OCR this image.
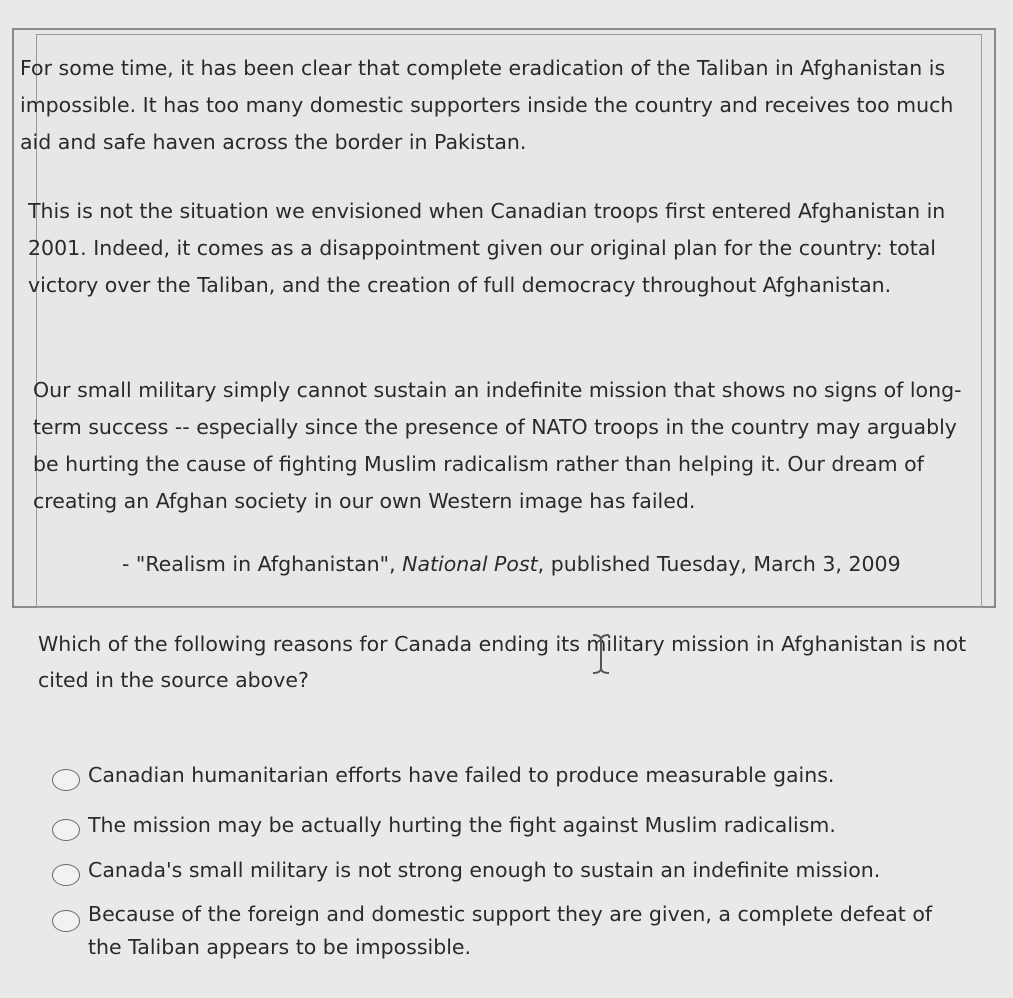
For some time, it has been clear that complete eradication of the Taliban in Afghanistan is impossible. It has too many domestic supporters inside the country and receives too much aid and safe haven across the border in Pakistan.

This is not the situation we envisioned when Canadian troops first entered Afghanistan in 2001. Indeed, it comes as a disappointment given our original plan for the country: total victory over the Taliban, and the creation of full democracy throughout Afghanistan.

Our small military simply cannot sustain an indefinite mission that shows no signs of long-term success -- especially since the presence of NATO troops in the country may arguably be hurting the cause of fighting Muslim radicalism rather than helping it. Our dream of creating an Afghan society in our own Western image has failed.

- "Realism in Afghanistan", National Post, published Tuesday, March 3, 2009

Which of the following reasons for Canada ending its military mission in Afghanistan is not cited in the source above?

Canadian humanitarian efforts have failed to produce measurable gains.
The mission may be actually hurting the fight against Muslim radicalism.
Canada's small military is not strong enough to sustain an indefinite mission.
Because of the foreign and domestic support they are given, a complete defeat of the Taliban appears to be impossible.
